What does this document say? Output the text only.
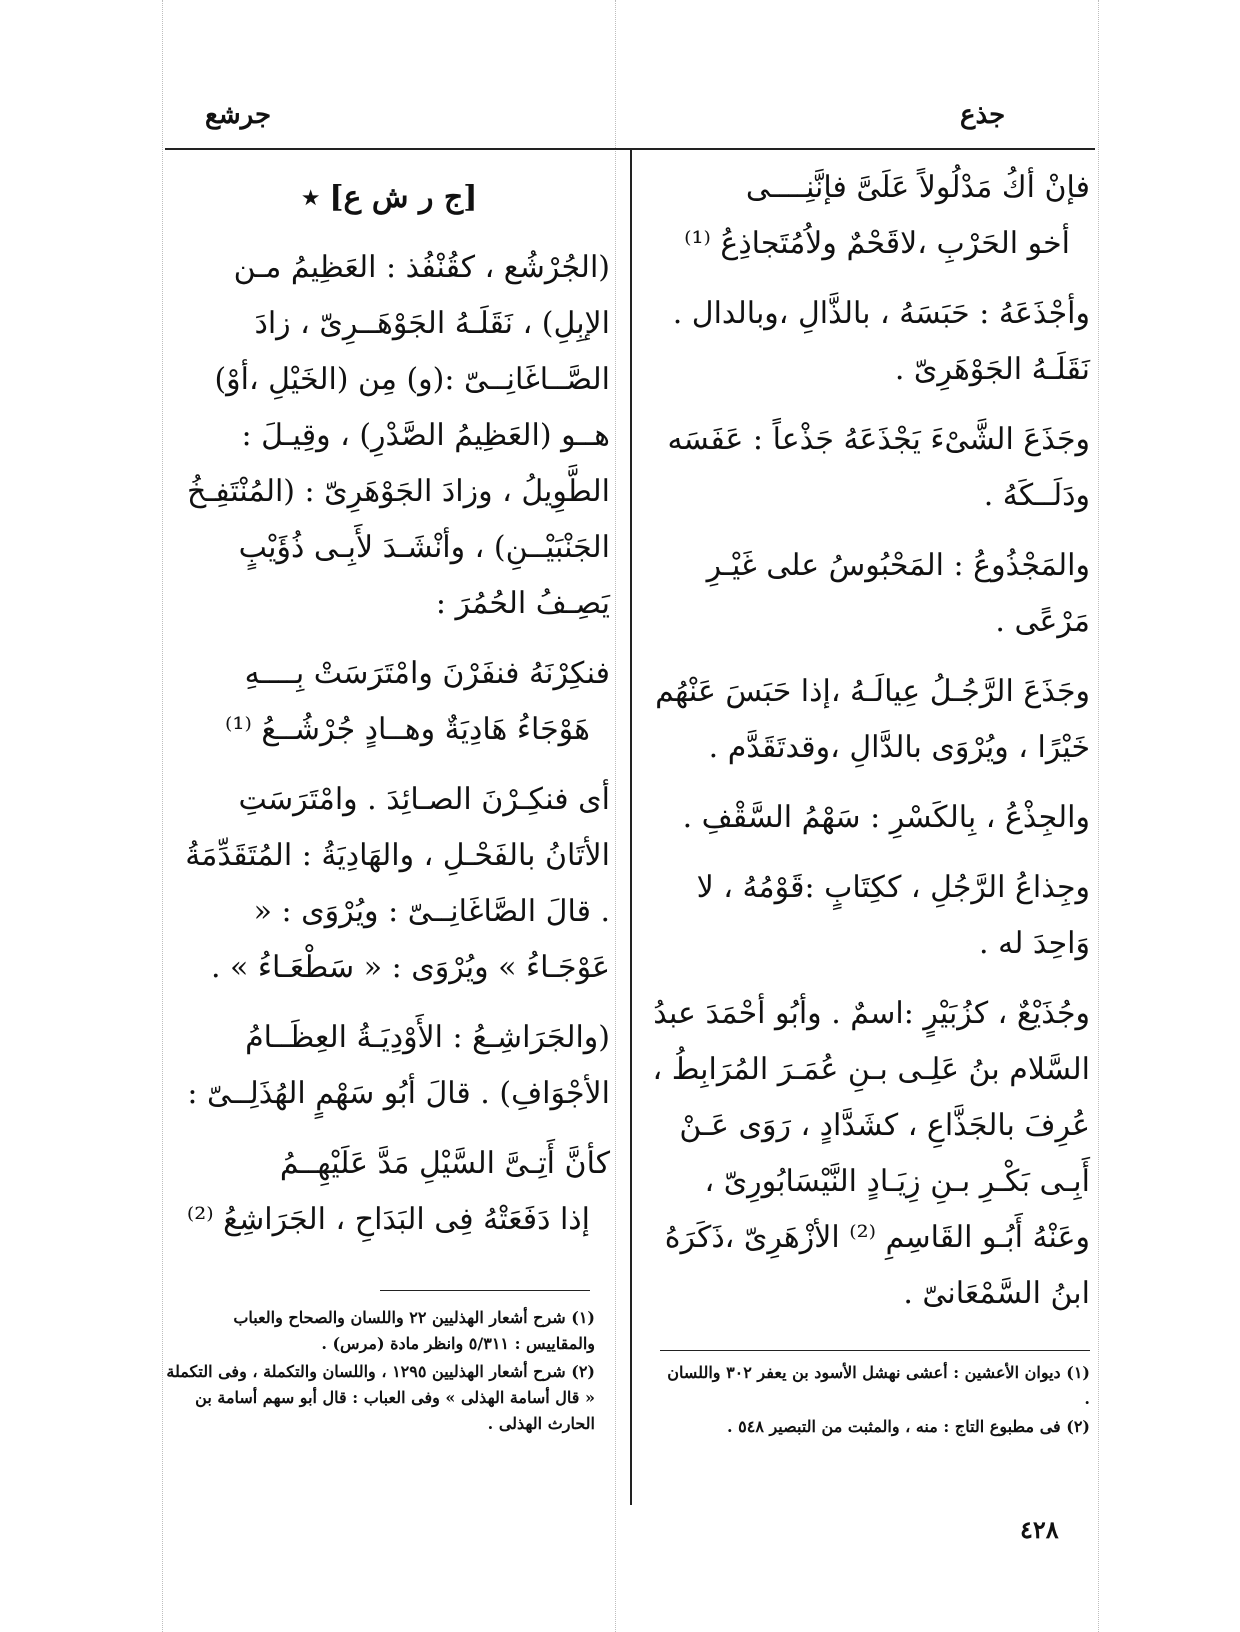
جذع
جرشع
فإنْ أكُ مَدْلُولاً عَلَىَّ فإنَّنِــــى
أخو الحَرْبِ ،لاقَحْمٌ ولاُمُتَجاذِعُ ⁽¹⁾

وأجْذَعَهُ : حَبَسَهُ ، بالذَّالِ ،وبالدال . نَقَلَـهُ الجَوْهَرِىّ .

وجَذَعَ الشَّىْءَ يَجْذَعَهُ جَذْعاً : عَفَسَه ودَلَــكَهُ .

والمَجْذُوعُ : المَحْبُوسُ على غَيْـرِ مَرْعًى .

وجَذَعَ الرَّجُـلُ عِيالَـهُ ،إذا حَبَسَ عَنْهُم خَيْرًا ، ويُرْوَى بالدَّالِ ،وقدتَقَدَّم .

والجِذْعُ ، بِالكَسْرِ : سَهْمُ السَّقْفِ .

وجِذاعُ الرَّجُلِ ، ككِتَابٍ :قَوْمُهُ ، لا وَاحِدَ له .

وجُذَيْعٌ ، كزُبَيْرٍ :اسمٌ . وأبُو أحْمَدَ عبدُ السَّلام بنُ عَلِـى بـنِ عُمَـرَ المُرَابِطُ ، عُرِفَ بالجَذَّاعِ ، كشَدَّادٍ ، رَوَى عَـنْ أَبِـى بَكْـرِ بـنِ زِيَـادٍ النَّيْسَابُورِىّ ، وعَنْهُ أَبُـو القَاسِمِ ⁽²⁾ الأزْهَرِىّ ،ذَكَرَهُ ابنُ السَّمْعَانىّ .

(١) ديوان الأعشين : أعشى نهشل الأسود بن يعفر ٣٠٢ واللسان .
(٢) فى مطبوع التاج : منه ، والمثبت من التبصير ٥٤٨ .
[ج ر ش ع] ٭

(الجُرْشُع ، كقُنْفُذ : العَظِيمُ مـن الإبِلِ) ، نَقَلَـهُ الجَوْهَــرِىّ ، زادَ الصَّــاغَانِــىّ :(و) مِن (الخَيْلِ ،أوْ) هــو (العَظِيمُ الصَّدْرِ) ، وقِيـلَ : الطَّوِيلُ ، وزادَ الجَوْهَرِىّ : (المُنْتَفِـخُ الجَنْبَيْــنِ) ، وأنْشَـدَ لأَبِـى ذُؤَيْبٍ يَصِـفُ الحُمُرَ :

فنكِرْنَهُ فنفَرْنَ وامْتَرَسَتْ بِــــهِ
هَوْجَاءُ هَادِيَةٌ وهــادٍ جُرْشُــعُ ⁽¹⁾

أى فنكِـرْنَ الصـائِدَ . وامْتَرَسَتِ الأتَانُ بالفَحْـلِ ، والهَادِيَةُ : المُتَقَدِّمَةُ . قالَ الصَّاغَانِــىّ : ويُرْوَى : « عَوْجَـاءُ » ويُرْوَى : « سَطْعَـاءُ » .

(والجَرَاشِـعُ : الأَوْدِيَـةُ العِظَــامُ الأجْوَافِ) . قالَ أبُو سَهْمٍ الهُذَلِــىّ :

كأنَّ أَتِـىَّ السَّيْلِ مَدَّ عَلَيْهِــمُ
إذا دَفَعَتْهُ فِى البَدَاحِ ، الجَرَاشِعُ ⁽²⁾
(١) شرح أشعار الهذليين ٢٢ واللسان والصحاح والعباب والمقاييس : ٥/٣١١ وانظر مادة (مرس) .
(٢) شرح أشعار الهذليين ١٢٩٥ ، واللسان والتكملة ، وفى التكملة « قال أسامة الهذلى » وفى العباب : قال أبو سهم أسامة بن الحارث الهذلى .
٤٢٨
